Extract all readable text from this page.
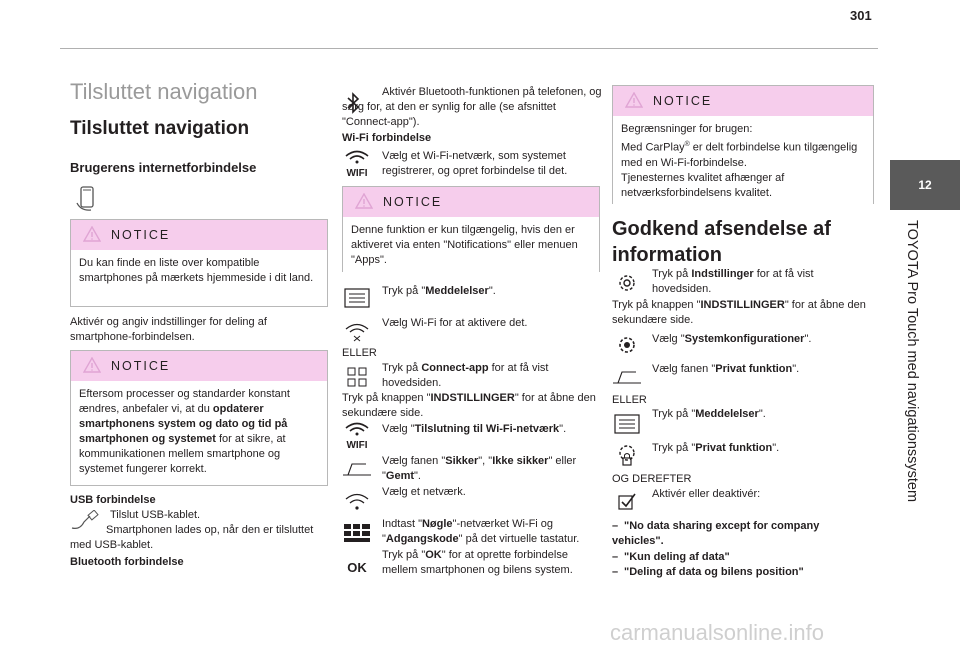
301
12
TOYOTA Pro Touch med navigationssystem
Tilsluttet navigation
Tilsluttet navigation
Brugerens internetforbindelse
NOTICE
Du kan finde en liste over kompatible smartphones på mærkets hjemmeside i dit land.
Aktivér og angiv indstillinger for deling af smartphone-forbindelsen.
NOTICE
Eftersom processer og standarder konstant ændres, anbefaler vi, at du opdaterer smartphonens system og dato og tid på smartphonen og systemet for at sikre, at kommunikationen mellem smartphone og systemet fungerer korrekt.
USB forbindelse
Tilslut USB-kablet.
Smartphonen lades op, når den er tilsluttet med USB-kablet.
Bluetooth forbindelse
Aktivér Bluetooth-funktionen på telefonen, og sørg for, at den er synlig for alle (se afsnittet "Connect-app").
Wi-Fi forbindelse
WIFI
Vælg et Wi-Fi-netværk, som systemet registrerer, og opret forbindelse til det.
NOTICE
Denne funktion er kun tilgængelig, hvis den er aktiveret via enten "Notifications" eller menuen "Apps".
Tryk på "Meddelelser".
Vælg Wi-Fi for at aktivere det.
ELLER
Tryk på Connect-app for at få vist hovedsiden.
Tryk på knappen "INDSTILLINGER" for at åbne den sekundære side.
WIFI
Vælg "Tilslutning til Wi-Fi-netværk".
Vælg fanen "Sikker", "Ikke sikker" eller "Gemt".
Vælg et netværk.
Indtast "Nøgle"-netværket Wi-Fi og "Adgangskode" på det virtuelle tastatur.
OK
Tryk på "OK" for at oprette forbindelse mellem smartphonen og bilens system.
NOTICE
Begrænsninger for brugen:
Med CarPlay® er delt forbindelse kun tilgængelig med en Wi-Fi-forbindelse.
Tjenesternes kvalitet afhænger af netværksforbindelsens kvalitet.
Godkend afsendelse af information
Tryk på Indstillinger for at få vist hovedsiden.
Tryk på knappen "INDSTILLINGER" for at åbne den sekundære side.
Vælg "Systemkonfigurationer".
Vælg fanen "Privat funktion".
ELLER
Tryk på "Meddelelser".
Tryk på "Privat funktion".
OG DEREFTER
Aktivér eller deaktivér:
– "No data sharing except for company vehicles".
– "Kun deling af data"
– "Deling af data og bilens position"
carmanualsonline.info
